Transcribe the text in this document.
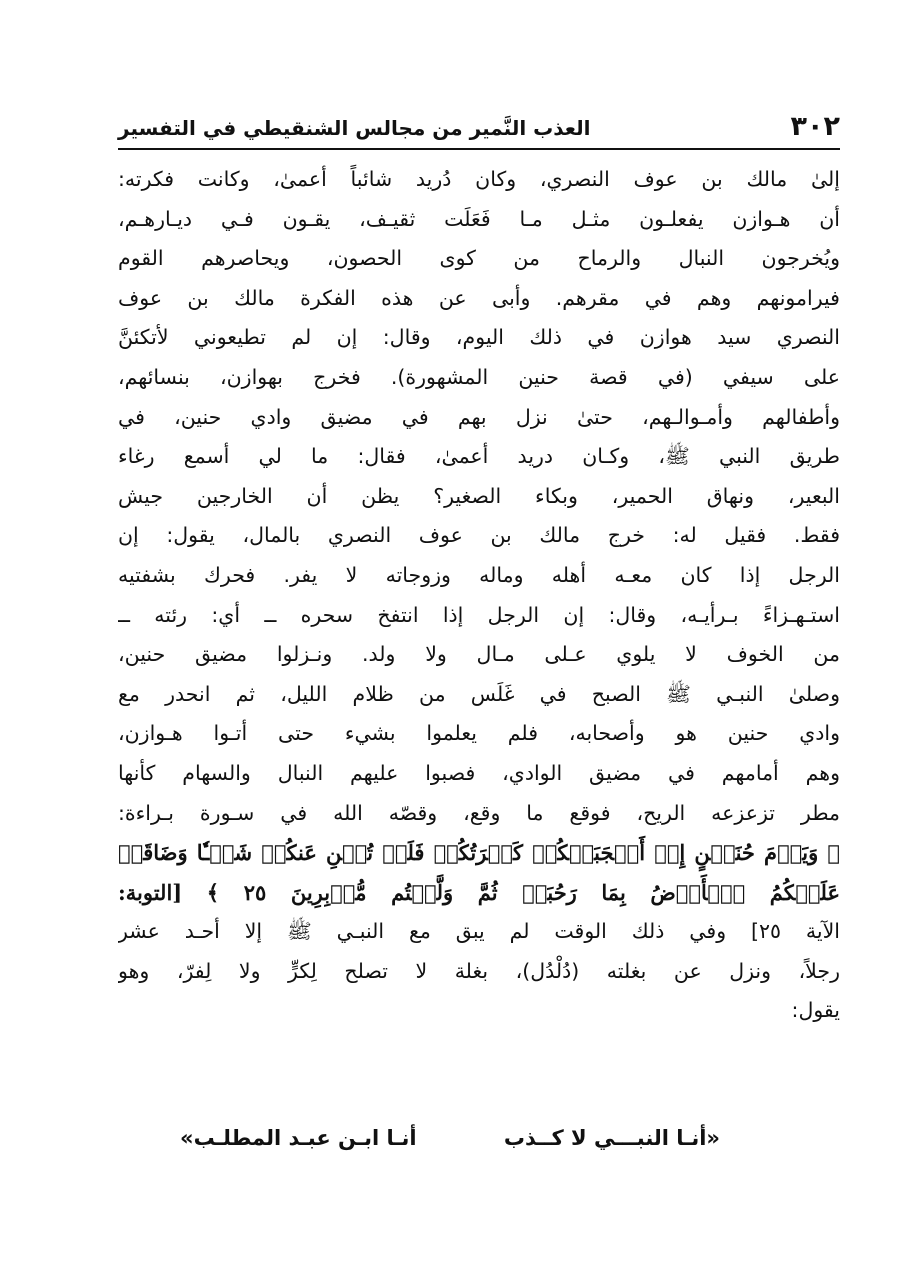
٣٠٢
العذب النَّمير من مجالس الشنقيطي في التفسير
إلىٰ مالك بن عوف النصري، وكان دُريد شائباً أعمىٰ، وكانت فكرته:
أن هـوازن يفعلـون مثـل مـا فَعَلَت ثقيـف، يقـون فـي ديـارهـم،
ويُخرجون النبال والرماح من كوى الحصون، ويحاصرهم القوم
فيرامونهم وهم في مقرهم. وأبى عن هذه الفكرة مالك بن عوف
النصري سيد هوازن في ذلك اليوم، وقال: إن لم تطيعوني لأتكئنَّ
على سيفي (في قصة حنين المشهورة). فخرج بهوازن، بنسائهم،
وأطفالهم وأمـوالـهم، حتىٰ نزل بهم في مضيق وادي حنين، في
طريق النبي ﷺ، وكـان دريد أعمىٰ، فقال: ما لي أسمع رغاء
البعير، ونهاق الحمير، وبكاء الصغير؟ يظن أن الخارجين جيش
فقط. فقيل له: خرج مالك بن عوف النصري بالمال، يقول: إن
الرجل إذا كان معـه أهله وماله وزوجاته لا يفر. فحرك بشفتيه
استـهـزاءً بـرأيـه، وقال: إن الرجل إذا انتفخ سحره ــ أي: رئته ــ
من الخوف لا يلوي عـلى مـال ولا ولد. ونـزلوا مضيق حنين،
وصلىٰ النبـي ﷺ الصبح في غَلَس من ظلام الليل، ثم انحدر مع
وادي حنين هو وأصحابه، فلم يعلموا بشيء حتى أتـوا هـوازن،
وهم أمامهم في مضيق الوادي، فصبوا عليهم النبال والسهام كأنها
مطر تزعزعه الريح، فوقع ما وقع، وقصّه الله في سـورة بـراءة:
﴿ وَيَوۡمَ حُنَيۡنٍ إِذۡ أَعۡجَبَتۡكُمۡ كَثۡرَتُكُمۡ فَلَمۡ تُغۡنِ عَنكُمۡ شَيۡـٔٗا وَضَاقَتۡ
عَلَيۡكُمُ ٱلۡأَرۡضُ بِمَا رَحُبَتۡ ثُمَّ وَلَّيۡتُم مُّدۡبِرِينَ ٢٥ ﴾ [التوبة:
الآية ٢٥] وفي ذلك الوقت لم يبق مع النبـي ﷺ إلا أحـد عشر
رجلاً، ونزل عن بغلته (دُلْدُل)، بغلة لا تصلح لِكرٍّ ولا لِفرّ، وهو
يقول:
«أنـا النبـــي لا كــذب
أنـا ابـن عبـد المطلـب»
